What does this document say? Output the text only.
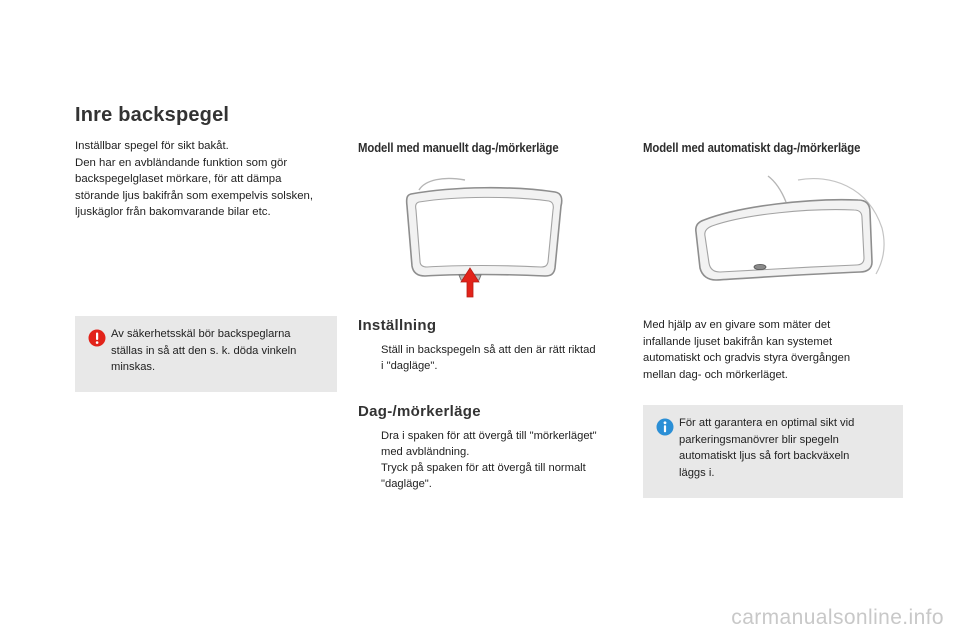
Inre backspegel
Inställbar spegel för sikt bakåt.
Den har en avbländande funktion som gör
backspegelglaset mörkare, för att dämpa
störande ljus bakifrån som exempelvis solsken,
ljuskäglor från bakomvarande bilar etc.
Av säkerhetsskäl bör backspeglarna
ställas in så att den s. k. döda vinkeln
minskas.
Modell med manuellt dag-/mörkerläge
Inställning
Ställ in backspegeln så att den är rätt riktad
i "dagläge".
Dag-/mörkerläge
Dra i spaken för att övergå till "mörkerläget"
med avbländning.
Tryck på spaken för att övergå till normalt
"dagläge".
Modell med automatiskt dag-/mörkerläge
Med hjälp av en givare som mäter det
infallande ljuset bakifrån kan systemet
automatiskt och gradvis styra övergången
mellan dag- och mörkerläget.
För att garantera en optimal sikt vid
parkeringsmanövrer blir spegeln
automatiskt ljus så fort backväxeln
läggs i.
carmanualsonline.info
